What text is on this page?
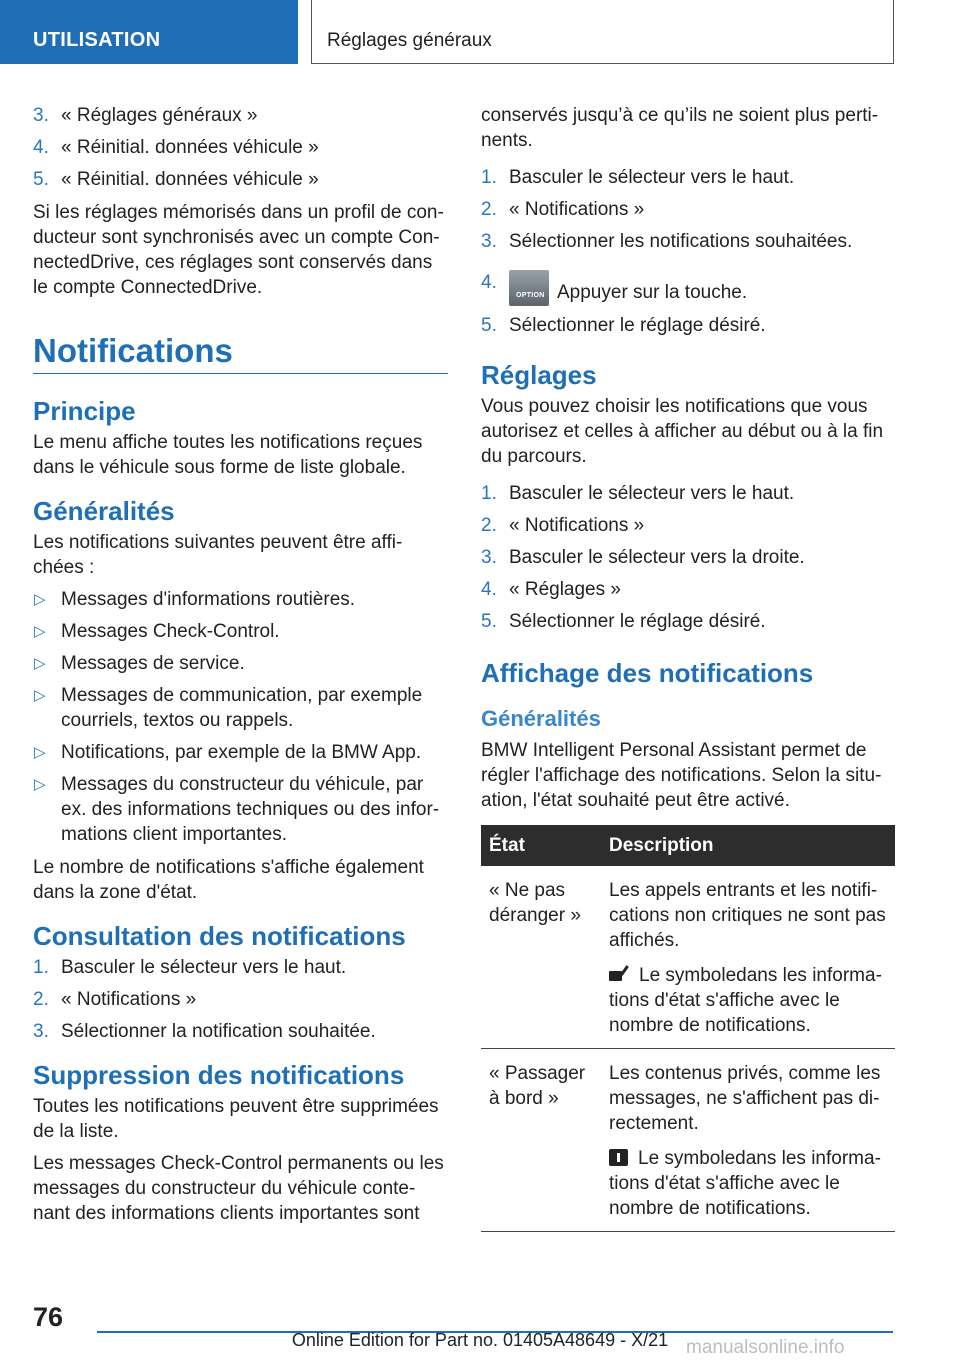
UTILISATION	Réglages généraux
3. « Réglages généraux »
4. « Réinitial. données véhicule »
5. « Réinitial. données véhicule »

Si les réglages mémorisés dans un profil de con-ducteur sont synchronisés avec un compte Con-nectedDrive, ces réglages sont conservés dans le compte ConnectedDrive.

Notifications
Principe

Le menu affiche toutes les notifications reçues dans le véhicule sous forme de liste globale.

Généralités

Les notifications suivantes peuvent être affi-chées :

▷ Messages d'informations routières.
▷ Messages Check-Control.
▷ Messages de service.
▷ Messages de communication, par exemple courriels, textos ou rappels.
▷ Notifications, par exemple de la BMW App.
▷ Messages du constructeur du véhicule, par ex. des informations techniques ou des infor-mations client importantes.

Le nombre de notifications s'affiche également dans la zone d'état.

Consultation des notifications
1. Basculer le sélecteur vers le haut.
2. « Notifications »
3. Sélectionner la notification souhaitée.
Suppression des notifications

Toutes les notifications peuvent être supprimées de la liste.

Les messages Check-Control permanents ou les messages du constructeur du véhicule conte-nant des informations clients importantes sont

conservés jusqu’à ce qu’ils ne soient plus perti-nents.

1. Basculer le sélecteur vers le haut.
2. « Notifications »
3. Sélectionner les notifications souhaitées.
4.
OPTION Appuyer sur la touche.
5. Sélectionner le réglage désiré.
Réglages

Vous pouvez choisir les notifications que vous autorisez et celles à afficher au début ou à la fin du parcours.

1. Basculer le sélecteur vers le haut.
2. « Notifications »
3. Basculer le sélecteur vers la droite.
4. « Réglages »
5. Sélectionner le réglage désiré.
Affichage des notifications
Généralités

BMW Intelligent Personal Assistant permet de régler l'affichage des notifications. Selon la situ-ation, l'état souhaité peut être activé.

État	Description
« Ne pas déranger »	Les appels entrants et les notifi-cations non critiques ne sont pas affichés.

Le symboledans les informa-tions d'état s'affiche avec le nombre de notifications.

« Passager à bord »	Les contenus privés, comme les messages, ne s'affichent pas di-rectement.

Le symboledans les informa-tions d'état s'affiche avec le nombre de notifications.

76
Online Edition for Part no. 01405A48649 - X/21 manualsonline.info
